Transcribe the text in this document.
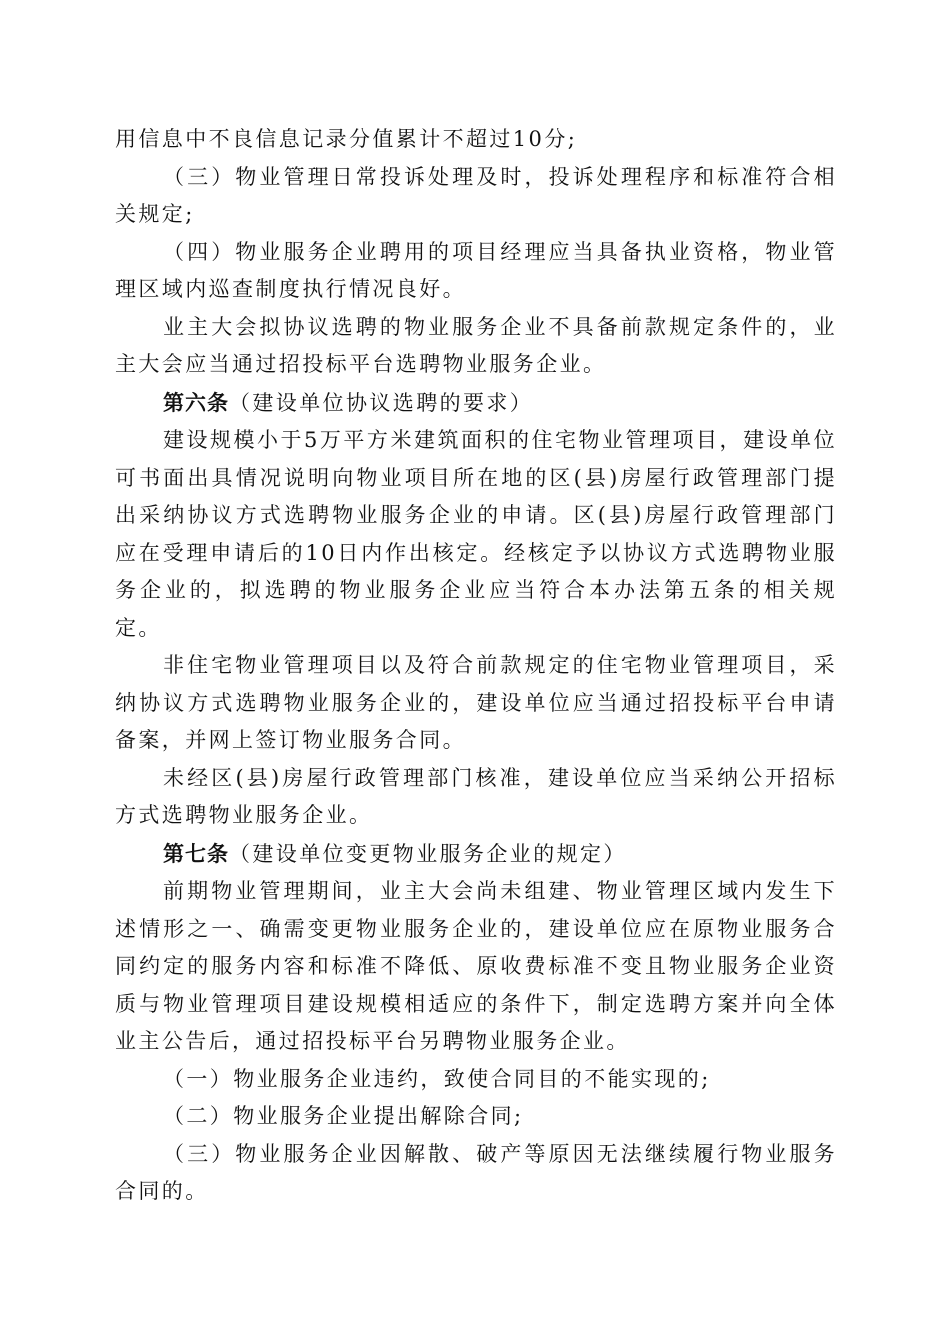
用信息中不良信息记录分值累计不超过10分;

（三）物业管理日常投诉处理及时，投诉处理程序和标准符合相关规定;

（四）物业服务企业聘用的项目经理应当具备执业资格，物业管理区域内巡查制度执行情况良好。

业主大会拟协议选聘的物业服务企业不具备前款规定条件的，业主大会应当通过招投标平台选聘物业服务企业。

第六条（建设单位协议选聘的要求）

建设规模小于5万平方米建筑面积的住宅物业管理项目，建设单位可书面出具情况说明向物业项目所在地的区(县)房屋行政管理部门提出采纳协议方式选聘物业服务企业的申请。区(县)房屋行政管理部门应在受理申请后的10日内作出核定。经核定予以协议方式选聘物业服务企业的，拟选聘的物业服务企业应当符合本办法第五条的相关规定。

非住宅物业管理项目以及符合前款规定的住宅物业管理项目，采纳协议方式选聘物业服务企业的，建设单位应当通过招投标平台申请备案，并网上签订物业服务合同。

未经区(县)房屋行政管理部门核准，建设单位应当采纳公开招标方式选聘物业服务企业。

第七条（建设单位变更物业服务企业的规定）

前期物业管理期间，业主大会尚未组建、物业管理区域内发生下述情形之一、确需变更物业服务企业的，建设单位应在原物业服务合同约定的服务内容和标准不降低、原收费标准不变且物业服务企业资质与物业管理项目建设规模相适应的条件下，制定选聘方案并向全体业主公告后，通过招投标平台另聘物业服务企业。

（一）物业服务企业违约，致使合同目的不能实现的;

（二）物业服务企业提出解除合同;

（三）物业服务企业因解散、破产等原因无法继续履行物业服务合同的。
